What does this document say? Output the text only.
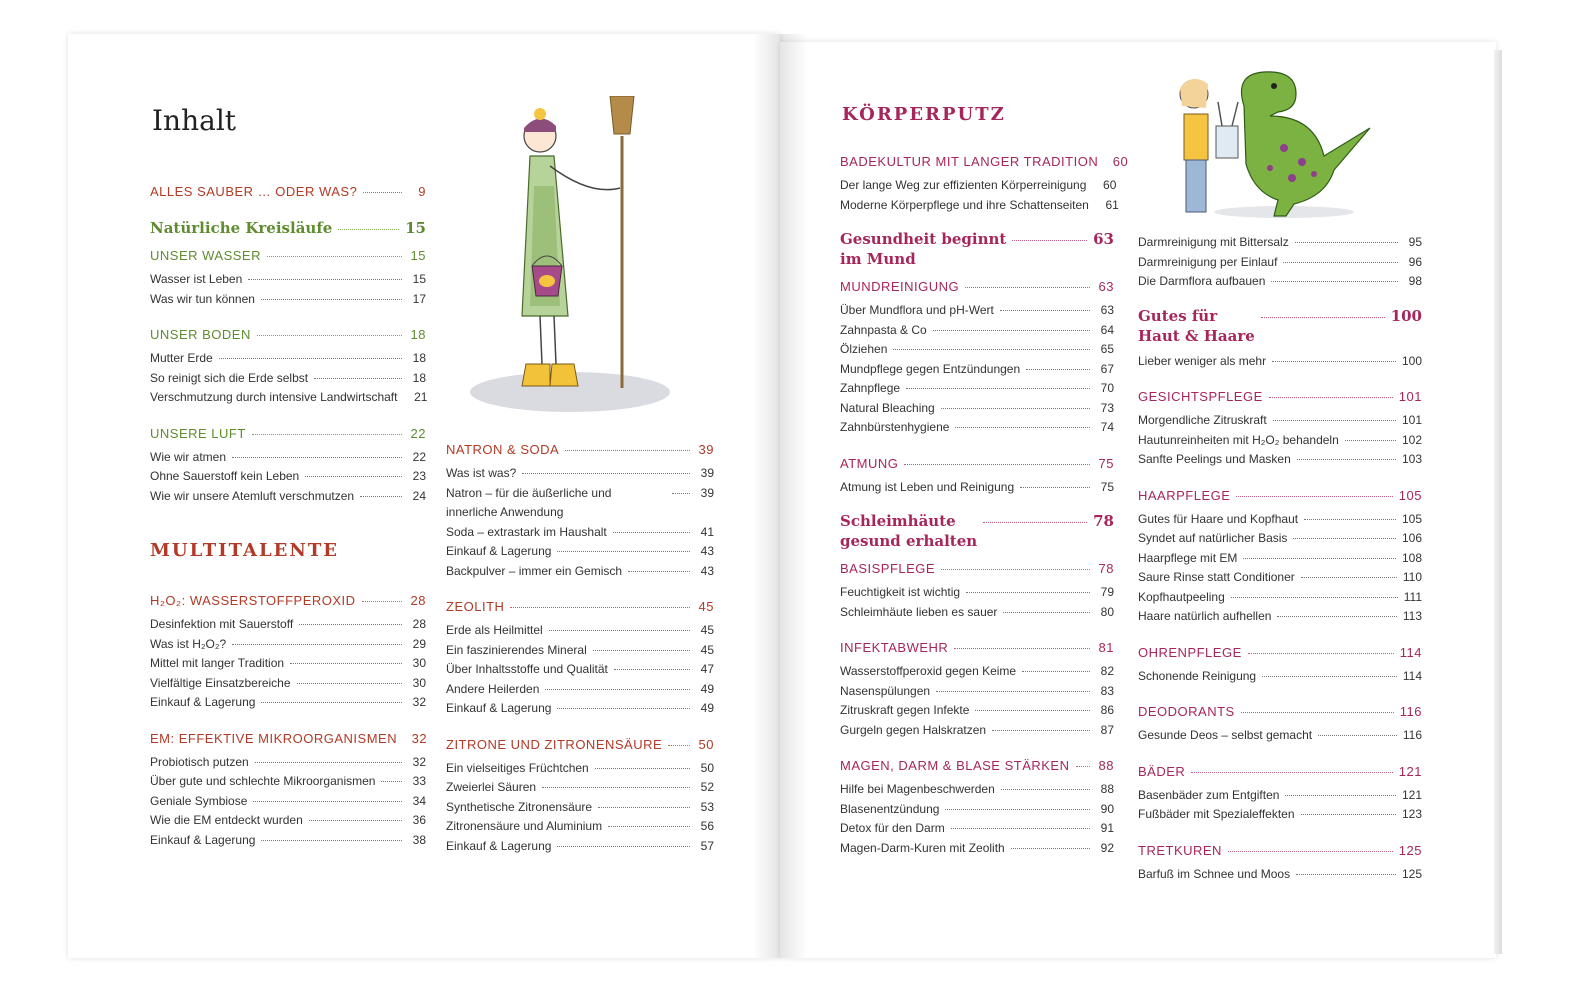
Inhalt
ALLES SAUBER … ODER WAS?	9
Natürliche Kreisläufe	15
UNSER WASSER	15
Wasser ist Leben	15
Was wir tun können	17
UNSER BODEN	18
Mutter Erde	18
So reinigt sich die Erde selbst	18
Verschmutzung durch intensive Landwirtschaft	21
UNSERE LUFT	22
Wie wir atmen	22
Ohne Sauerstoff kein Leben	23
Wie wir unsere Atemluft verschmutzen	24
MULTITALENTE
H₂O₂: WASSERSTOFFPEROXID	28
Desinfektion mit Sauerstoff	28
Was ist H₂O₂?	29
Mittel mit langer Tradition	30
Vielfältige Einsatzbereiche	30
Einkauf & Lagerung	32
EM: EFFEKTIVE MIKROORGANISMEN 32
Probiotisch putzen	32
Über gute und schlechte Mikroorganismen	33
Geniale Symbiose	34
Wie die EM entdeckt wurden	36
Einkauf & Lagerung	38
NATRON & SODA	39
Was ist was?	39
Natron – für die äußerliche und innerliche Anwendung
39
Soda – extrastark im Haushalt	41
Einkauf & Lagerung	43
Backpulver – immer ein Gemisch	43
ZEOLITH	45
Erde als Heilmittel	45
Ein faszinierendes Mineral	45
Über Inhaltsstoffe und Qualität	47
Andere Heilerden	49
Einkauf & Lagerung	49
ZITRONE UND ZITRONENSÄURE	50
Ein vielseitiges Früchtchen	50
Zweierlei Säuren	52
Synthetische Zitronensäure	53
Zitronensäure und Aluminium	56
Einkauf & Lagerung	57
KÖRPERPUTZ
BADEKULTUR MIT LANGER TRADITION 60
Der lange Weg zur effizienten Körperreinigung	60
Moderne Körperpflege und ihre Schattenseiten	61
Gesundheit beginnt
im Mund
63
MUNDREINIGUNG	63
Über Mundflora und pH-Wert	63
Zahnpasta & Co	64
Ölziehen	65
Mundpflege gegen Entzündungen	67
Zahnpflege	70
Natural Bleaching	73
Zahnbürstenhygiene	74
ATMUNG	75
Atmung ist Leben und Reinigung	75
Schleimhäute
gesund erhalten
78
BASISPFLEGE	78
Feuchtigkeit ist wichtig	79
Schleimhäute lieben es sauer	80
INFEKTABWEHR	81
Wasserstoffperoxid gegen Keime	82
Nasenspülungen	83
Zitruskraft gegen Infekte	86
Gurgeln gegen Halskratzen	87
MAGEN, DARM & BLASE STÄRKEN 88
Hilfe bei Magenbeschwerden	88
Blasenentzündung	90
Detox für den Darm	91
Magen-Darm-Kuren mit Zeolith	92
Darmreinigung mit Bittersalz	95
Darmreinigung per Einlauf	96
Die Darmflora aufbauen	98
Gutes für
Haut & Haare
100
Lieber weniger als mehr	100
GESICHTSPFLEGE	101
Morgendliche Zitruskraft	101
Hautunreinheiten mit H₂O₂ behandeln	102
Sanfte Peelings und Masken	103
HAARPFLEGE	105
Gutes für Haare und Kopfhaut	105
Syndet auf natürlicher Basis	106
Haarpflege mit EM	108
Saure Rinse statt Conditioner	110
Kopfhautpeeling	111
Haare natürlich aufhellen	113
OHRENPFLEGE	114
Schonende Reinigung	114
DEODORANTS	116
Gesunde Deos – selbst gemacht	116
BÄDER	121
Basenbäder zum Entgiften	121
Fußbäder mit Spezialeffekten	123
TRETKUREN	125
Barfuß im Schnee und Moos	125
